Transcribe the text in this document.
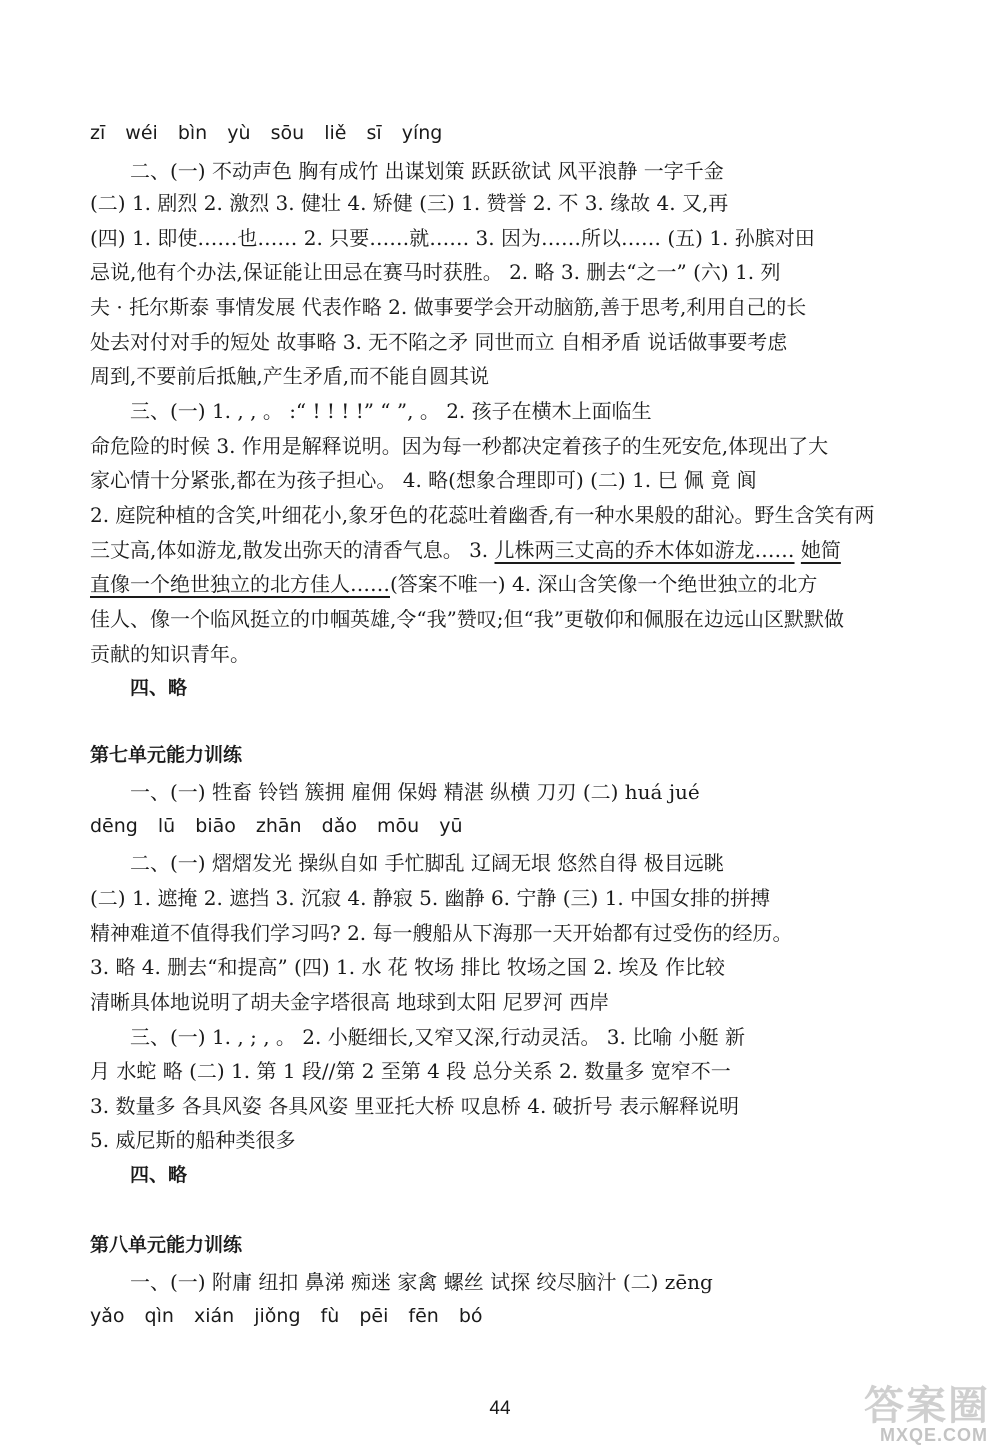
zī wéi bìn yù sōu liě sī yíng
二、(一) 不动声色 胸有成竹 出谋划策 跃跃欲试 风平浪静 一字千金
(二) 1. 剧烈 2. 激烈 3. 健壮 4. 矫健 (三) 1. 赞誉 2. 不 3. 缘故 4. 又,再
(四) 1. 即使……也…… 2. 只要……就…… 3. 因为……所以…… (五) 1. 孙膑对田
忌说,他有个办法,保证能让田忌在赛马时获胜。 2. 略 3. 删去“之一” (六) 1. 列
夫 · 托尔斯泰 事情发展 代表作略 2. 做事要学会开动脑筋,善于思考,利用自己的长
处去对付对手的短处 故事略 3. 无不陷之矛 同世而立 自相矛盾 说话做事要考虑
周到,不要前后抵触,产生矛盾,而不能自圆其说
三、(一) 1. , , 。 :“ ! ! ! !” “ ”, 。 2. 孩子在横木上面临生
命危险的时候 3. 作用是解释说明。因为每一秒都决定着孩子的生死安危,体现出了大
家心情十分紧张,都在为孩子担心。 4. 略(想象合理即可) (二) 1. 巳 佩 竟 阆
2. 庭院种植的含笑,叶细花小,象牙色的花蕊吐着幽香,有一种水果般的甜沁。野生含笑有两
三丈高,体如游龙,散发出弥天的清香气息。 3. 儿株两三丈高的乔木体如游龙…… 她简
直像一个绝世独立的北方佳人……(答案不唯一) 4. 深山含笑像一个绝世独立的北方
佳人、像一个临风挺立的巾帼英雄,令“我”赞叹;但“我”更敬仰和佩服在边远山区默默做
贡献的知识青年。
四、略
第七单元能力训练
一、(一) 牲畜 铃铛 簇拥 雇佣 保姆 精湛 纵横 刀刃 (二) huá jué
dēng lū biāo zhān dǎo mōu yū
二、(一) 熠熠发光 操纵自如 手忙脚乱 辽阔无垠 悠然自得 极目远眺
(二) 1. 遮掩 2. 遮挡 3. 沉寂 4. 静寂 5. 幽静 6. 宁静 (三) 1. 中国女排的拼搏
精神难道不值得我们学习吗? 2. 每一艘船从下海那一天开始都有过受伤的经历。
3. 略 4. 删去“和提高” (四) 1. 水 花 牧场 排比 牧场之国 2. 埃及 作比较
清晰具体地说明了胡夫金字塔很高 地球到太阳 尼罗河 西岸
三、(一) 1. , ; , 。 2. 小艇细长,又窄又深,行动灵活。 3. 比喻 小艇 新
月 水蛇 略 (二) 1. 第 1 段//第 2 至第 4 段 总分关系 2. 数量多 宽窄不一
3. 数量多 各具风姿 各具风姿 里亚托大桥 叹息桥 4. 破折号 表示解释说明
5. 威尼斯的船种类很多
四、略
第八单元能力训练
一、(一) 附庸 纽扣 鼻涕 痴迷 家禽 螺丝 试探 绞尽脑汁 (二) zēng
yǎo qìn xián jiǒng fù pēi fēn bó
44	答案圈
MXQE.COM
